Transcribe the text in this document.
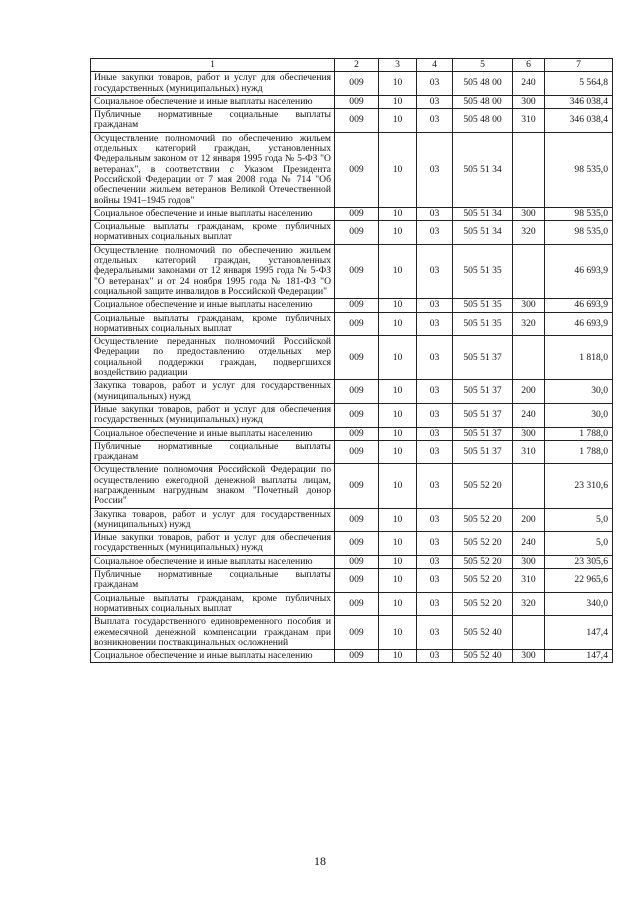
1	2	3	4	5	6	7
Иные закупки товаров, работ и услуг для обеспечения государственных (муниципальных) нужд	009	10	03	505 48 00	240	5 564,8
Социальное обеспечение и иные выплаты населению	009	10	03	505 48 00	300	346 038,4
Публичные нормативные социальные выплаты гражданам	009	10	03	505 48 00	310	346 038,4
Осуществление полномочий по обеспечению жильем отдельных категорий граждан, установленных Федеральным законом от 12 января 1995 года № 5-ФЗ "О ветеранах", в соответствии с Указом Президента Российской Федерации от 7 мая 2008 года № 714 "Об обеспечении жильем ветеранов Великой Отечественной войны 1941–1945 годов"	009	10	03	505 51 34		98 535,0
Социальное обеспечение и иные выплаты населению	009	10	03	505 51 34	300	98 535,0
Социальные выплаты гражданам, кроме публичных нормативных социальных выплат	009	10	03	505 51 34	320	98 535,0
Осуществление полномочий по обеспечению жильем отдельных категорий граждан, установленных федеральными законами от 12 января 1995 года № 5-ФЗ "О ветеранах" и от 24 ноября 1995 года № 181-ФЗ "О социальной защите инвалидов в Российской Федерации"	009	10	03	505 51 35		46 693,9
Социальное обеспечение и иные выплаты населению	009	10	03	505 51 35	300	46 693,9
Социальные выплаты гражданам, кроме публичных нормативных социальных выплат	009	10	03	505 51 35	320	46 693,9
Осуществление переданных полномочий Российской Федерации по предоставлению отдельных мер социальной поддержки граждан, подвергшихся воздействию радиации	009	10	03	505 51 37		1 818,0
Закупка товаров, работ и услуг для государственных (муниципальных) нужд	009	10	03	505 51 37	200	30,0
Иные закупки товаров, работ и услуг для обеспечения государственных (муниципальных) нужд	009	10	03	505 51 37	240	30,0
Социальное обеспечение и иные выплаты населению	009	10	03	505 51 37	300	1 788,0
Публичные нормативные социальные выплаты гражданам	009	10	03	505 51 37	310	1 788,0
Осуществление полномочия Российской Федерации по осуществлению ежегодной денежной выплаты лицам, награжденным нагрудным знаком "Почетный донор России"	009	10	03	505 52 20		23 310,6
Закупка товаров, работ и услуг для государственных (муниципальных) нужд	009	10	03	505 52 20	200	5,0
Иные закупки товаров, работ и услуг для обеспечения государственных (муниципальных) нужд	009	10	03	505 52 20	240	5,0
Социальное обеспечение и иные выплаты населению	009	10	03	505 52 20	300	23 305,6
Публичные нормативные социальные выплаты гражданам	009	10	03	505 52 20	310	22 965,6
Социальные выплаты гражданам, кроме публичных нормативных социальных выплат	009	10	03	505 52 20	320	340,0
Выплата государственного единовременного пособия и ежемесячной денежной компенсации гражданам при возникновении поствакцинальных осложнений	009	10	03	505 52 40		147,4
Социальное обеспечение и иные выплаты населению	009	10	03	505 52 40	300	147,4
18
